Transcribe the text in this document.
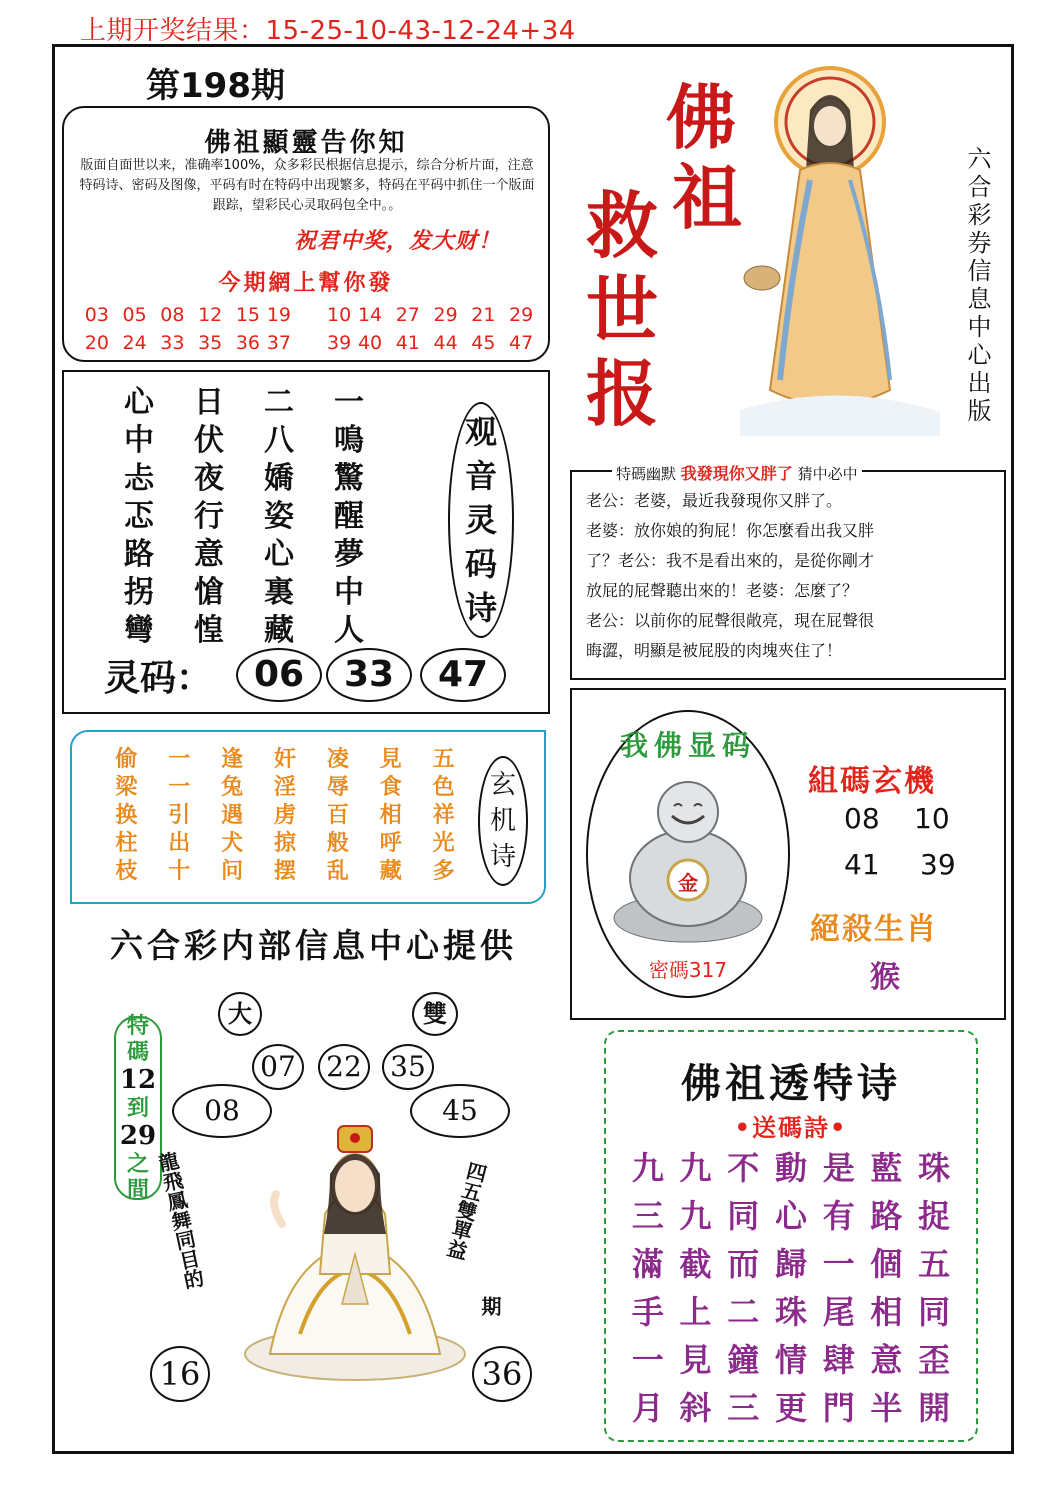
上期开奖结果：15-25-10-43-12-24+34
第198期
佛祖顯靈告你知
版面自面世以来，准确率100%，众多彩民根据信息提示，综合分析片面，注意特码诗、密码及图像，平码有时在特码中出现繁多，特码在平码中抓住一个版面跟踪，望彩民心灵取码包全中。。
祝君中奖，发大财！
今期網上幫你發
03 05 08 12 15 19 10 14 27 29 21 29
20 24 33 35 36 37 39 40 41 44 45 47
心	日	二	一
中	伏	八	鳴
忐	夜	嬌	驚
忑	行	姿	醒
路	意	心	夢
拐	愴	裏	中
彎	惶	藏	人
观
音
灵
码
诗
灵码：	06	33	47
偷	一	逢	奸	凌	見	五
梁	一	兔	淫	辱	食	色
换	引	遇	虏	百	相	祥
柱	出	犬	掠	般	呼	光
枝	十	问	摆	乱	藏	多
玄
机
诗
六合彩内部信息中心提供
大	雙
07 22 35
08	45
16	36
特
碼
12
到
29
之
間 龍飛鳳舞同目的	四五雙單益
期
佛
祖
救
世
报	六合彩券信息中心出版
特碼幽默 我發現你又胖了 猜中必中
老公：老婆，最近我發現你又胖了。
老婆：放你娘的狗屁！你怎麼看出我又胖
了？老公：我不是看出來的，是從你剛才
放屁的屁聲聽出來的！老婆：怎麼了？
老公：以前你的屁聲很敞亮，現在屁聲很
晦澀，明顯是被屁股的肉塊夾住了！
我佛显码
金
密碼317
組碼玄機
08 10
41 39
絕殺生肖
猴
佛祖透特诗
•送碼詩•
九 九 不 動 是 藍 珠
三 九 同 心 有 路 捉
滿 截 而 歸 一 個 五
手 上 二 珠 尾 相 同
一 見 鐘 情 肆 意 歪
月 斜 三 更 門 半 開
